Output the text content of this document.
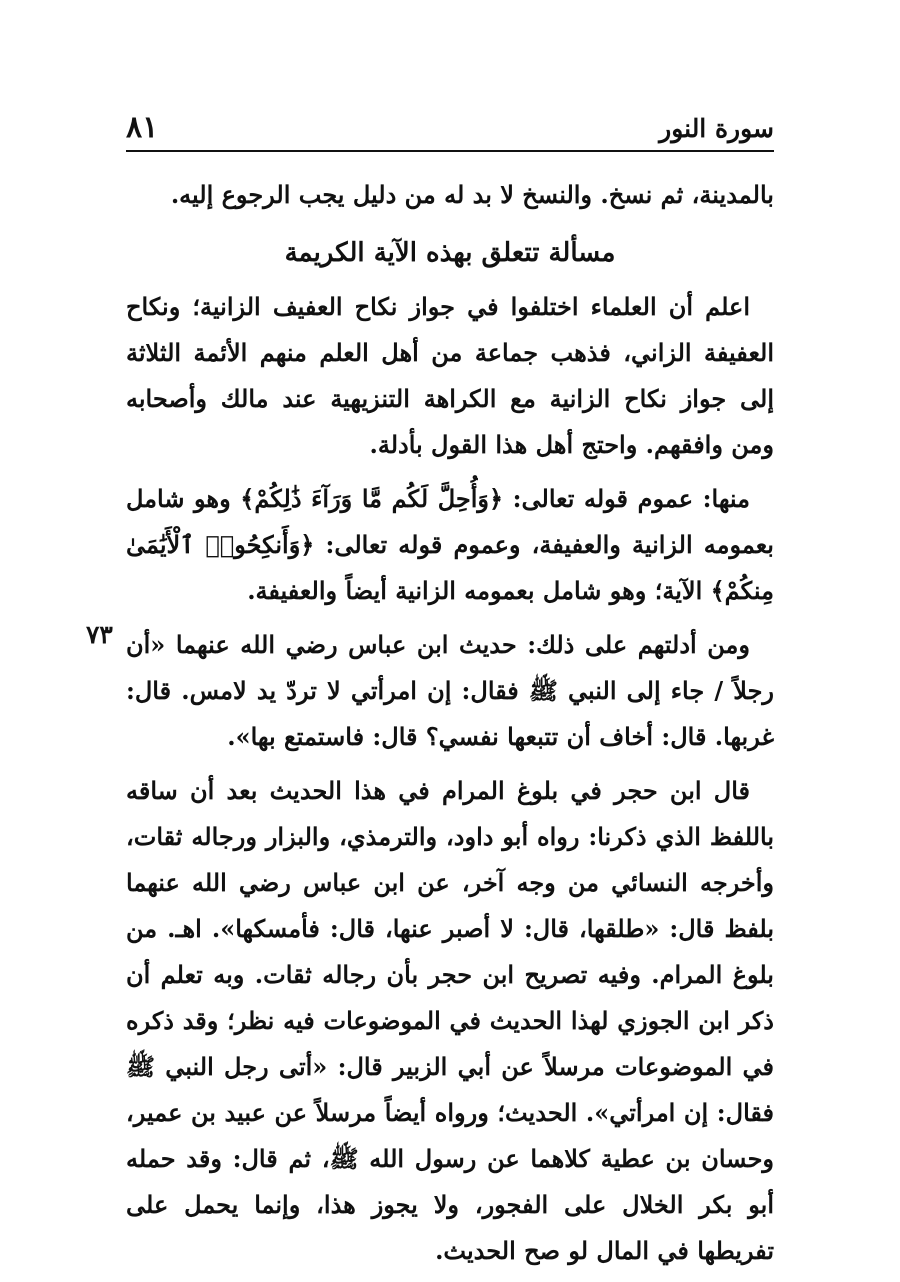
سورة النور
٨١
٧٣

بالمدينة، ثم نسخ. والنسخ لا بد له من دليل يجب الرجوع إليه.

مسألة تتعلق بهذه الآية الكريمة

اعلم أن العلماء اختلفوا في جواز نكاح العفيف الزانية؛ ونكاح العفيفة الزاني، فذهب جماعة من أهل العلم منهم الأئمة الثلاثة إلى جواز نكاح الزانية مع الكراهة التنزيهية عند مالك وأصحابه ومن وافقهم. واحتج أهل هذا القول بأدلة.

منها: عموم قوله تعالى: ﴿وَأُحِلَّ لَكُم مَّا وَرَآءَ ذَٰلِكُمْ﴾ وهو شامل بعمومه الزانية والعفيفة، وعموم قوله تعالى: ﴿وَأَنكِحُوا۟ ٱلْأَيَٰمَىٰ مِنكُمْ﴾ الآية؛ وهو شامل بعمومه الزانية أيضاً والعفيفة.

ومن أدلتهم على ذلك: حديث ابن عباس رضي الله عنهما «أن رجلاً / جاء إلى النبي ﷺ فقال: إن امرأتي لا تردّ يد لامس. قال: غربها. قال: أخاف أن تتبعها نفسي؟ قال: فاستمتع بها».

قال ابن حجر في بلوغ المرام في هذا الحديث بعد أن ساقه باللفظ الذي ذكرنا: رواه أبو داود، والترمذي، والبزار ورجاله ثقات، وأخرجه النسائي من وجه آخر، عن ابن عباس رضي الله عنهما بلفظ قال: «طلقها، قال: لا أصبر عنها، قال: فأمسكها». اهـ. من بلوغ المرام. وفيه تصريح ابن حجر بأن رجاله ثقات. وبه تعلم أن ذكر ابن الجوزي لهذا الحديث في الموضوعات فيه نظر؛ وقد ذكره في الموضوعات مرسلاً عن أبي الزبير قال: «أتى رجل النبي ﷺ فقال: إن امرأتي». الحديث؛ ورواه أيضاً مرسلاً عن عبيد بن عمير، وحسان بن عطية كلاهما عن رسول الله ﷺ، ثم قال: وقد حمله أبو بكر الخلال على الفجور، ولا يجوز هذا، وإنما يحمل على تفريطها في المال لو صح الحديث.
